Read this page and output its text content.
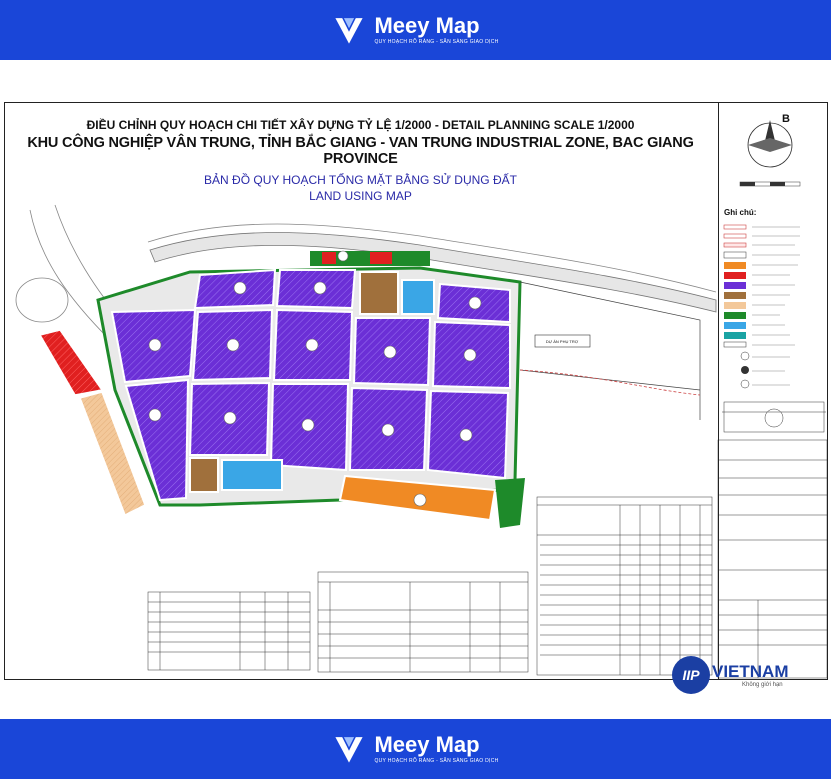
Meey Map
QUY HOẠCH RÕ RÀNG - SẴN SÀNG GIAO DỊCH
DỰ ÁN PHỤ TRỢ
B
ĐIỀU CHỈNH QUY HOẠCH CHI TIẾT XÂY DỰNG TỶ LỆ 1/2000 - DETAIL PLANNING SCALE 1/2000
KHU CÔNG NGHIỆP VÂN TRUNG, TỈNH BẮC GIANG - VAN TRUNG INDUSTRIAL ZONE, BAC GIANG PROVINCE
BẢN ĐỒ QUY HOẠCH TỔNG MẶT BẰNG SỬ DỤNG ĐẤT
LAND USING MAP
Ghi chú:
IIP VIETNAM
Không giới hạn
Meey Map
QUY HOẠCH RÕ RÀNG - SẴN SÀNG GIAO DỊCH
